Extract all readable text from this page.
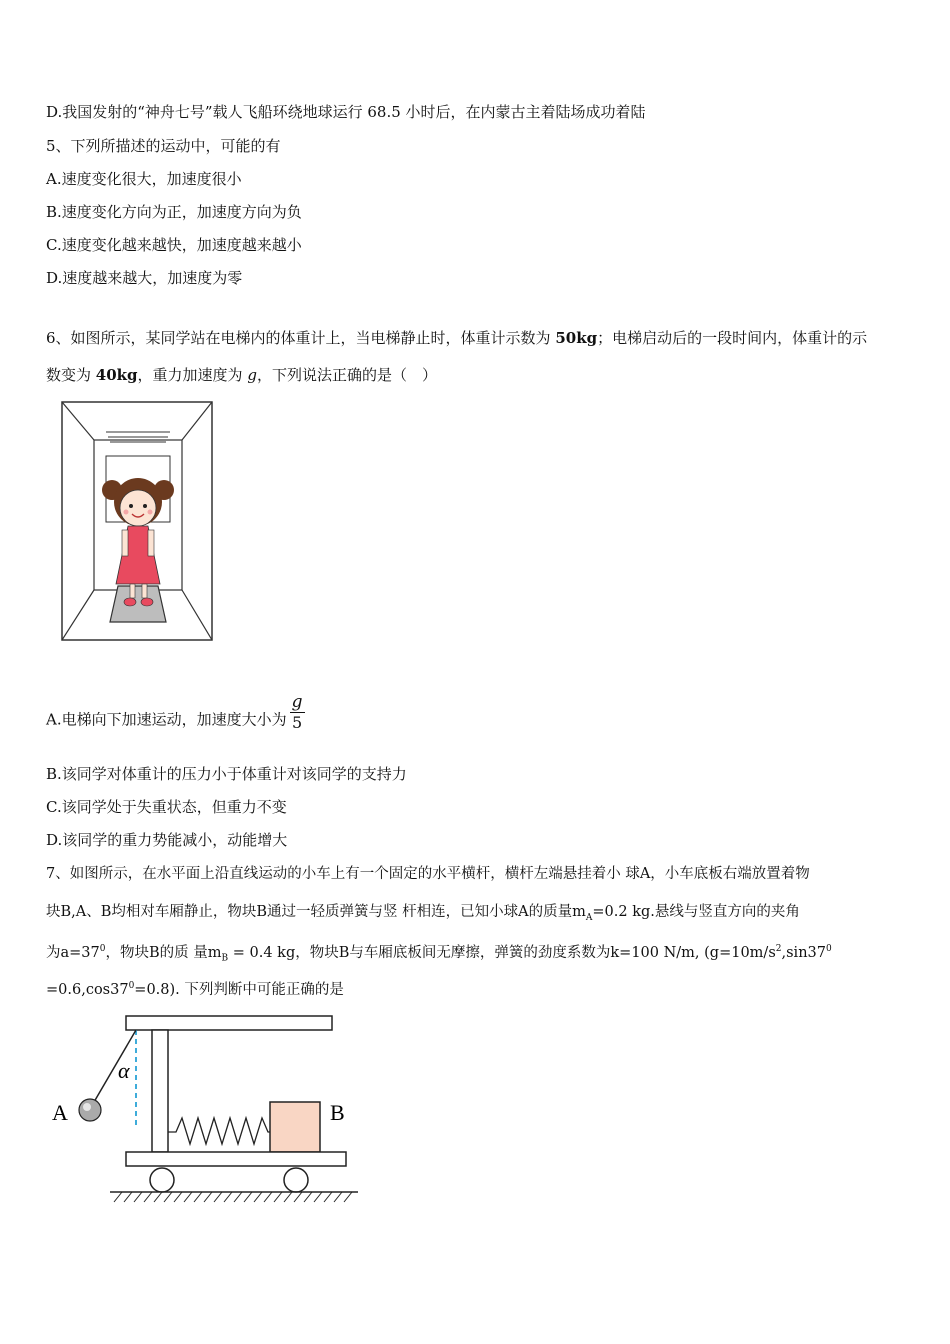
D.我国发射的“神舟七号”载人飞船环绕地球运行 68.5 小时后，在内蒙古主着陆场成功着陆
5、下列所描述的运动中，可能的有
A.速度变化很大，加速度很小
B.速度变化方向为正，加速度方向为负
C.速度变化越来越快，加速度越来越小
D.速度越来越大，加速度为零
6、如图所示，某同学站在电梯内的体重计上，当电梯静止时，体重计示数为 50kg；电梯启动后的一段时间内，体重计的示
数变为 40kg，重力加速度为 g，下列说法正确的是（　）
A.电梯向下加速运动，加速度大小为 $\frac{g}{5}$
B.该同学对体重计的压力小于体重计对该同学的支持力
C.该同学处于失重状态，但重力不变
D.该同学的重力势能减小，动能增大
7、如图所示，在水平面上沿直线运动的小车上有一个固定的水平横杆，横杆左端悬挂着小 球A，小车底板右端放置着物
块B,A、B均相对车厢静止，物块B通过一轻质弹簧与竖 杆相连，已知小球A的质量$m_A=0.2$ kg.悬线与竖直方向的夹角
为$a=37^0$，物块B的质 量$m_B = 0.4$ kg，物块B与车厢底板间无摩擦，弹簧的劲度系数为k=100 N/m, ($g=10m/s^2,\sin 37^0$
$=0.6,\cos 37^0=0.8$). 下列判断中可能正确的是
A
α
B
